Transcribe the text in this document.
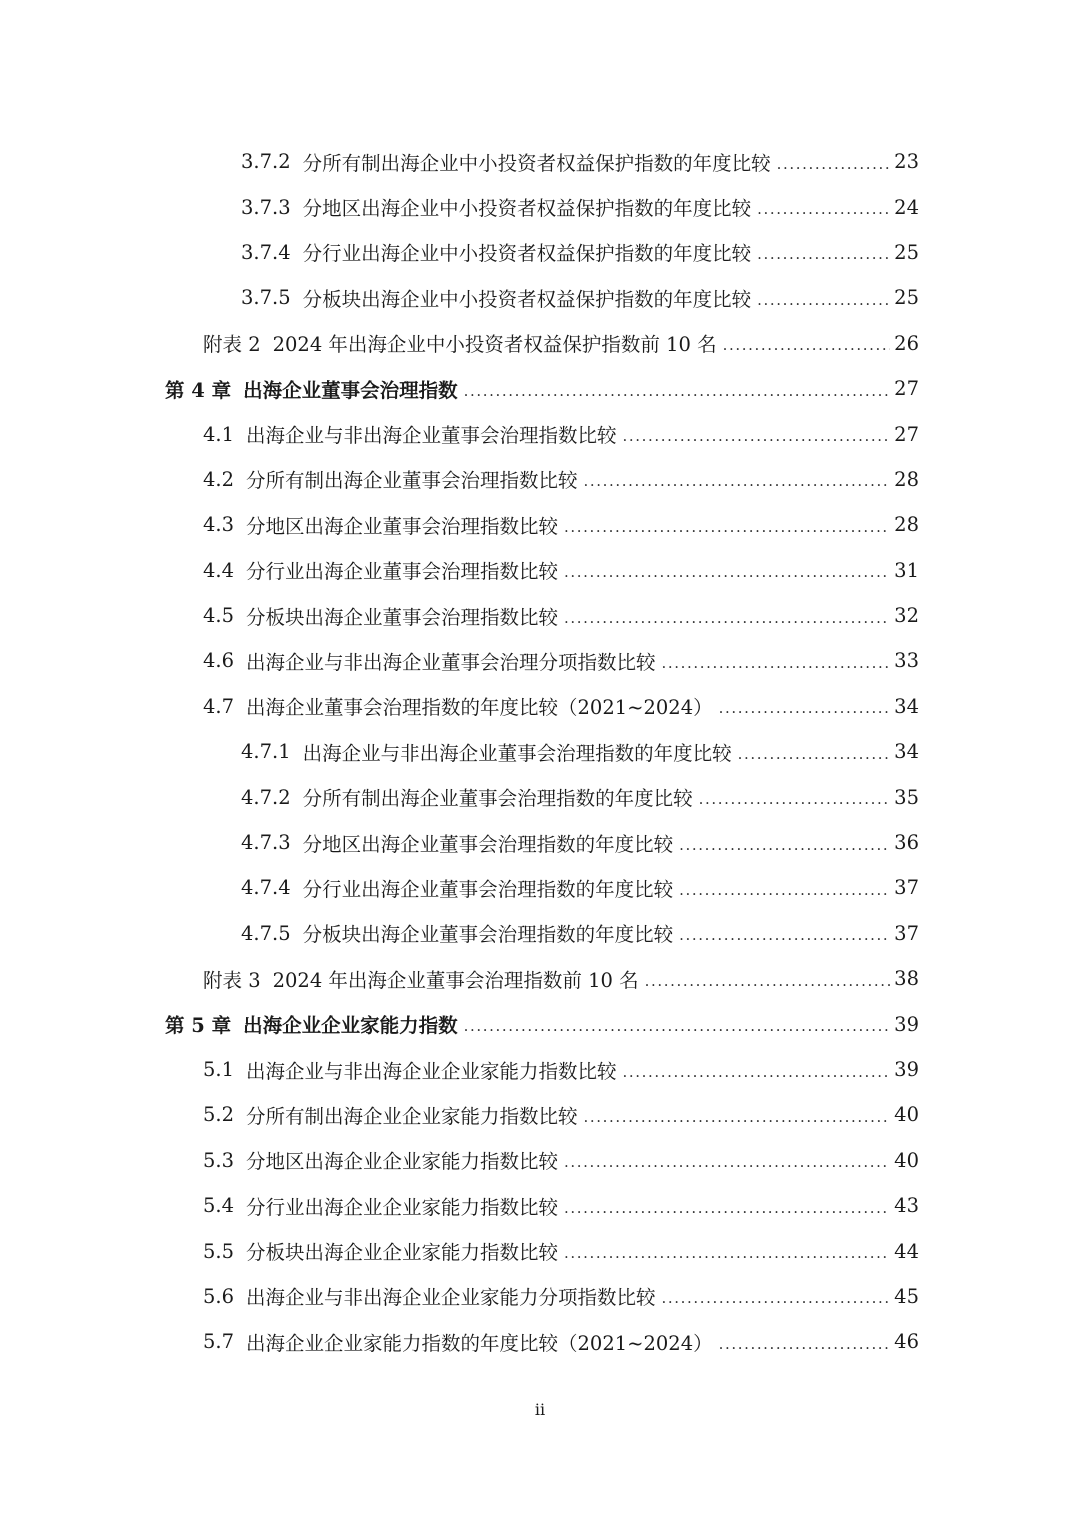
3.7.2 分所有制出海企业中小投资者权益保护指数的年度比较 .....	23
3.7.3 分地区出海企业中小投资者权益保护指数的年度比较 .....	24
3.7.4 分行业出海企业中小投资者权益保护指数的年度比较 .....	25
3.7.5 分板块出海企业中小投资者权益保护指数的年度比较 .....	25
附表 2 2024 年出海企业中小投资者权益保护指数前 10 名 .....	26
第 4 章 出海企业董事会治理指数 .....	27
4.1 出海企业与非出海企业董事会治理指数比较 .....	27
4.2 分所有制出海企业董事会治理指数比较 .....	28
4.3 分地区出海企业董事会治理指数比较 .....	28
4.4 分行业出海企业董事会治理指数比较 .....	31
4.5 分板块出海企业董事会治理指数比较 .....	32
4.6 出海企业与非出海企业董事会治理分项指数比较 .....	33
4.7 出海企业董事会治理指数的年度比较（2021~2024） .....	34
4.7.1 出海企业与非出海企业董事会治理指数的年度比较 .....	34
4.7.2 分所有制出海企业董事会治理指数的年度比较 .....	35
4.7.3 分地区出海企业董事会治理指数的年度比较 .....	36
4.7.4 分行业出海企业董事会治理指数的年度比较 .....	37
4.7.5 分板块出海企业董事会治理指数的年度比较 .....	37
附表 3 2024 年出海企业董事会治理指数前 10 名 .....	38
第 5 章 出海企业企业家能力指数 .....	39
5.1 出海企业与非出海企业企业家能力指数比较 .....	39
5.2 分所有制出海企业企业家能力指数比较 .....	40
5.3 分地区出海企业企业家能力指数比较 .....	40
5.4 分行业出海企业企业家能力指数比较 .....	43
5.5 分板块出海企业企业家能力指数比较 .....	44
5.6 出海企业与非出海企业企业家能力分项指数比较 .....	45
5.7 出海企业企业家能力指数的年度比较（2021~2024） .....	46
ii
